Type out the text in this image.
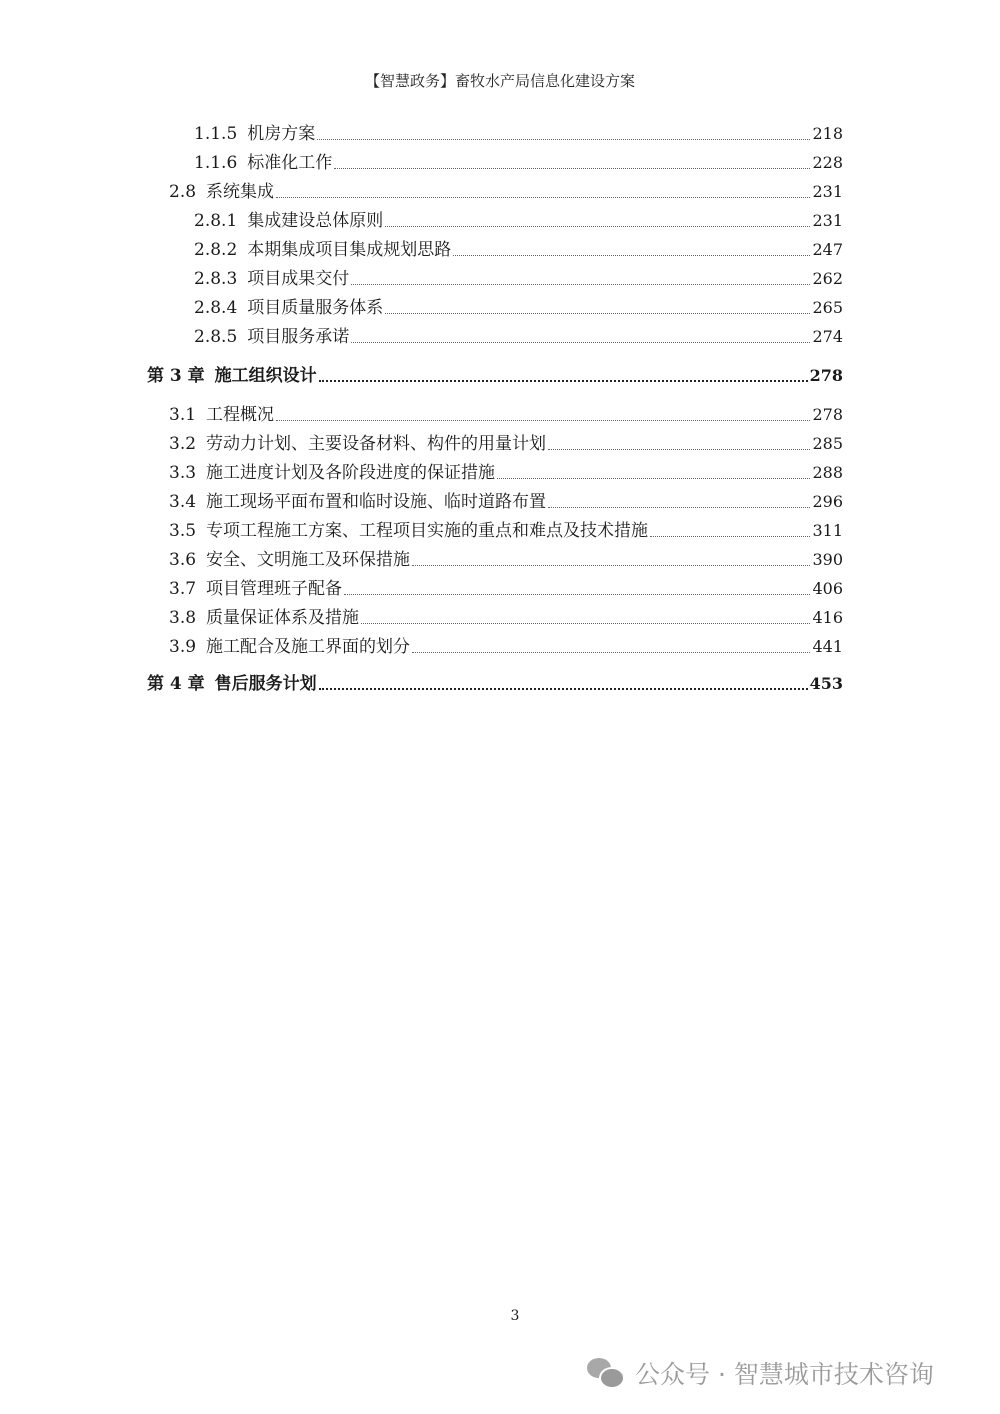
【智慧政务】畜牧水产局信息化建设方案
1.1.5 机房方案	218
1.1.6 标准化工作	228
2.8 系统集成	231
2.8.1 集成建设总体原则	231
2.8.2 本期集成项目集成规划思路	247
2.8.3 项目成果交付	262
2.8.4 项目质量服务体系	265
2.8.5 项目服务承诺	274
第 3 章 施工组织设计	278
3.1 工程概况	278
3.2 劳动力计划、主要设备材料、构件的用量计划	285
3.3 施工进度计划及各阶段进度的保证措施	288
3.4 施工现场平面布置和临时设施、临时道路布置	296
3.5 专项工程施工方案、工程项目实施的重点和难点及技术措施	311
3.6 安全、文明施工及环保措施	390
3.7 项目管理班子配备	406
3.8 质量保证体系及措施	416
3.9 施工配合及施工界面的划分	441
第 4 章 售后服务计划	453
3
公众号 · 智慧城市技术咨询
